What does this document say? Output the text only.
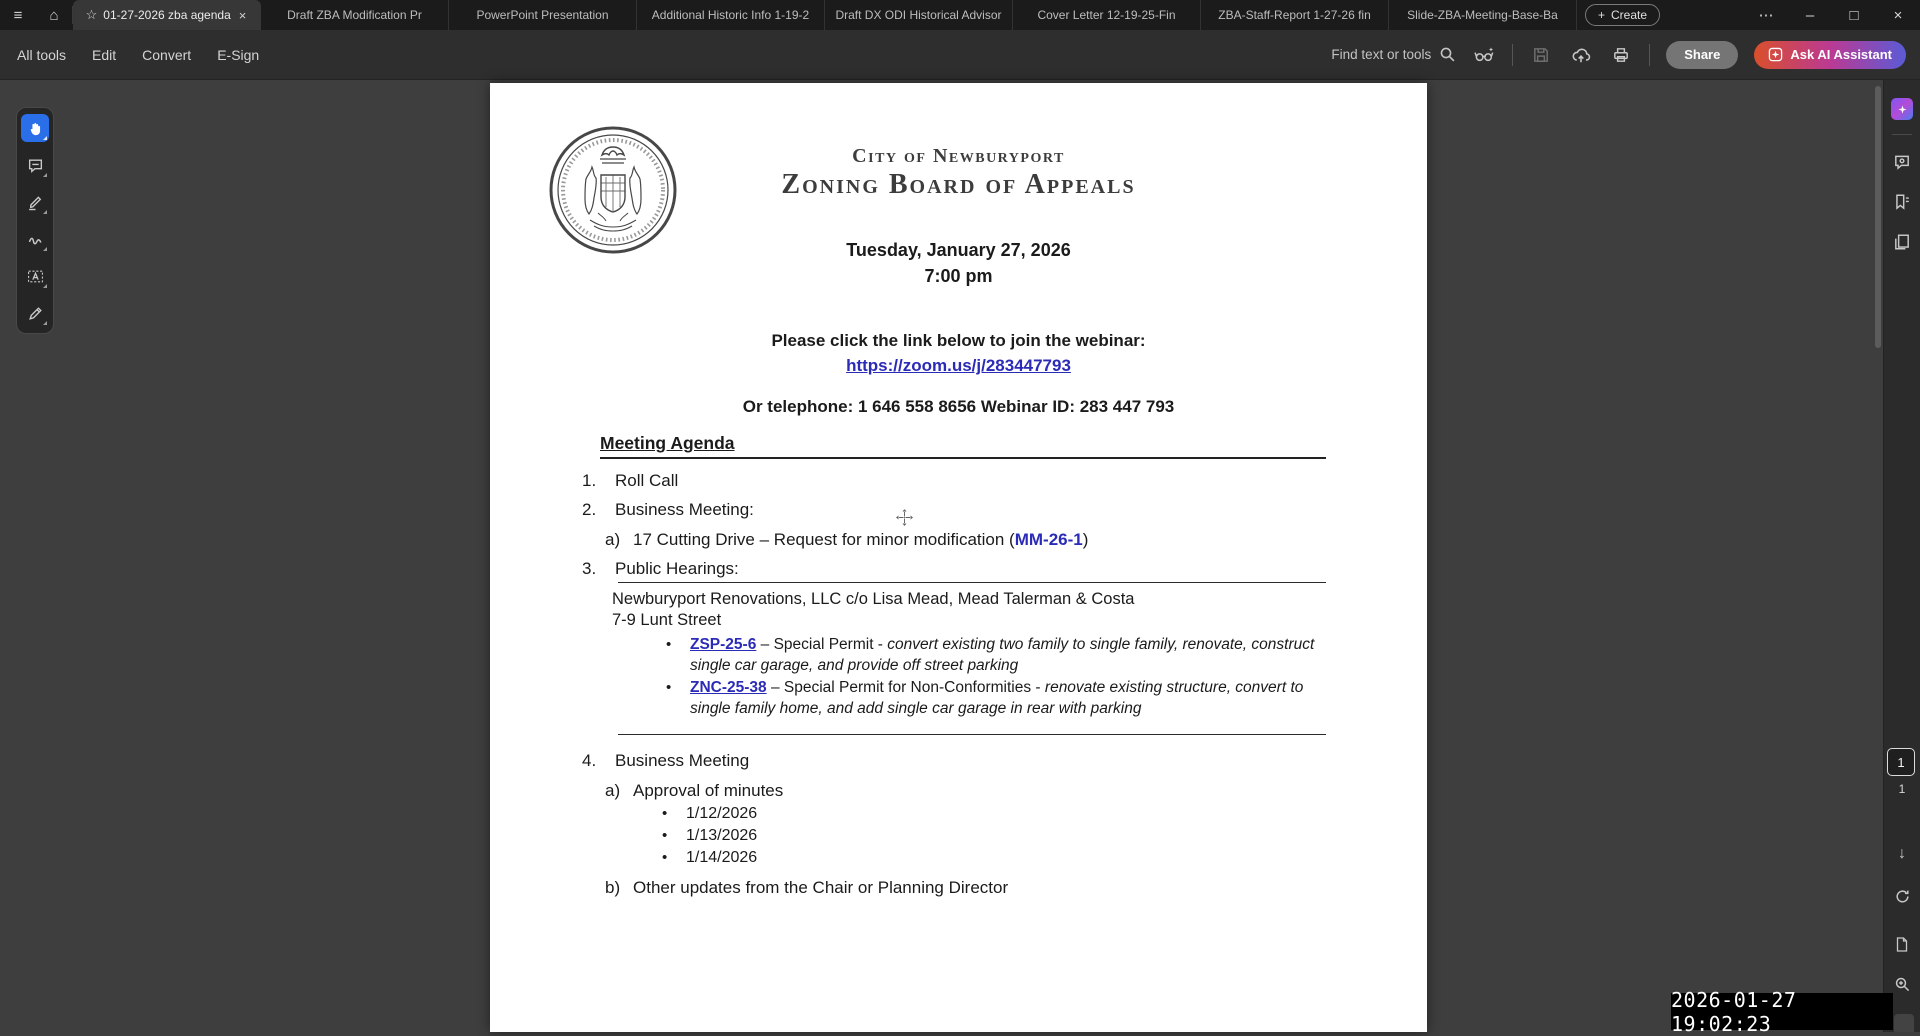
≡ ⌂ ☆ 01-27-2026 zba agenda ×	Draft ZBA Modification Pr	PowerPoint Presentation	Additional Historic Info 1-19-2 Draft DX ODI Historical Advisor	Cover Letter 12-19-25-Fin	ZBA-Staff-Report 1-27-26 fin	Slide-ZBA-Meeting-Base-Ba	+ Create	⋯ – □ ×
All tools	Edit	Convert	E-Sign	Find text or tools	Share	Ask AI Assistant
City of Newburyport
Zoning Board of Appeals
Tuesday, January 27, 2026
7:00 pm
Please click the link below to join the webinar:
https://zoom.us/j/283447793
Or telephone: 1 646 558 8656 Webinar ID: 283 447 793
Meeting Agenda
1.	Roll Call
2.	Business Meeting:
a) 17 Cutting Drive – Request for minor modification (MM-26-1)
3.	Public Hearings:
Newburyport Renovations, LLC c/o Lisa Mead, Mead Talerman & Costa
7-9 Lunt Street
•	ZSP-25-6 – Special Permit - convert existing two family to single family, renovate, construct single car garage, and provide off street parking
•	ZNC-25-38 – Special Permit for Non-Conformities - renovate existing structure, convert to single family home, and add single car garage in rear with parking
4.	Business Meeting
a) Approval of minutes
•	1/12/2026
•	1/13/2026
•	1/14/2026
b) Other updates from the Chair or Planning Director
1
1
↓
2026-01-27 19:02:23
